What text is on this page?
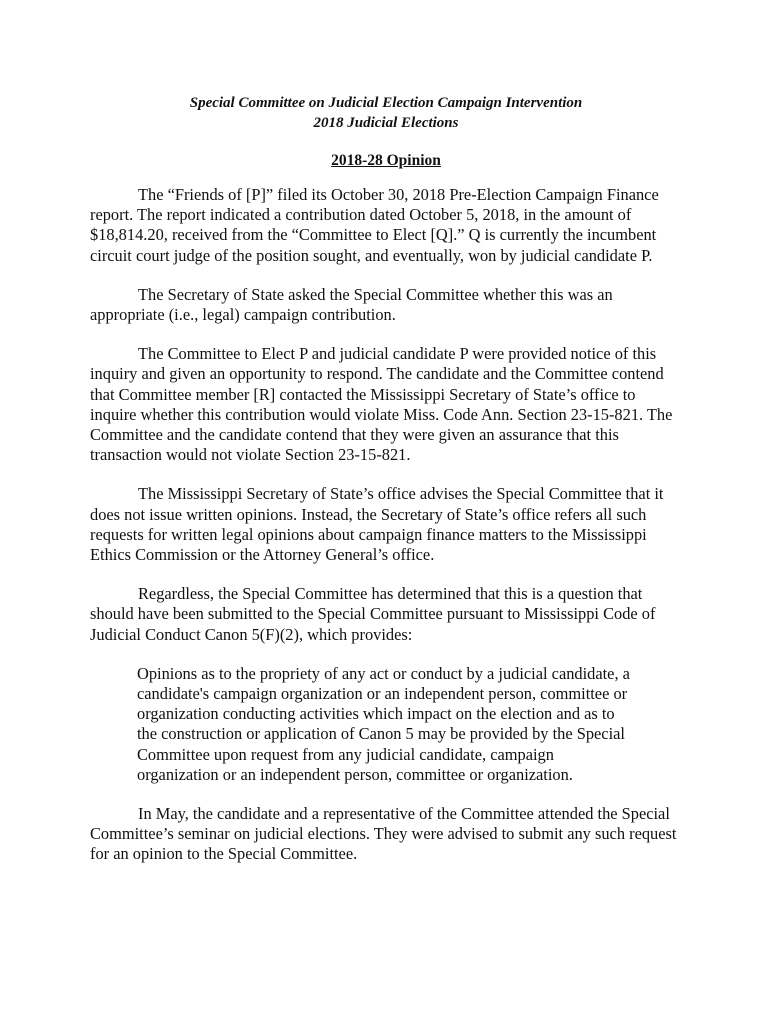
Special Committee on Judicial Election Campaign Intervention
2018 Judicial Elections
2018-28 Opinion

The “Friends of [P]” filed its October 30, 2018 Pre-Election Campaign Finance report. The report indicated a contribution dated October 5, 2018, in the amount of $18,814.20, received from the “Committee to Elect [Q].” Q is currently the incumbent circuit court judge of the position sought, and eventually, won by judicial candidate P.

The Secretary of State asked the Special Committee whether this was an appropriate (i.e., legal) campaign contribution.

The Committee to Elect P and judicial candidate P were provided notice of this inquiry and given an opportunity to respond. The candidate and the Committee contend that Committee member [R] contacted the Mississippi Secretary of State’s office to inquire whether this contribution would violate Miss. Code Ann. Section 23-15-821. The Committee and the candidate contend that they were given an assurance that this transaction would not violate Section 23-15-821.

The Mississippi Secretary of State’s office advises the Special Committee that it does not issue written opinions. Instead, the Secretary of State’s office refers all such requests for written legal opinions about campaign finance matters to the Mississippi Ethics Commission or the Attorney General’s office.

Regardless, the Special Committee has determined that this is a question that should have been submitted to the Special Committee pursuant to Mississippi Code of Judicial Conduct Canon 5(F)(2), which provides:

Opinions as to the propriety of any act or conduct by a judicial candidate, a candidate's campaign organization or an independent person, committee or organization conducting activities which impact on the election and as to the construction or application of Canon 5 may be provided by the Special Committee upon request from any judicial candidate, campaign organization or an independent person, committee or organization.

In May, the candidate and a representative of the Committee attended the Special Committee’s seminar on judicial elections. They were advised to submit any such request for an opinion to the Special Committee.
